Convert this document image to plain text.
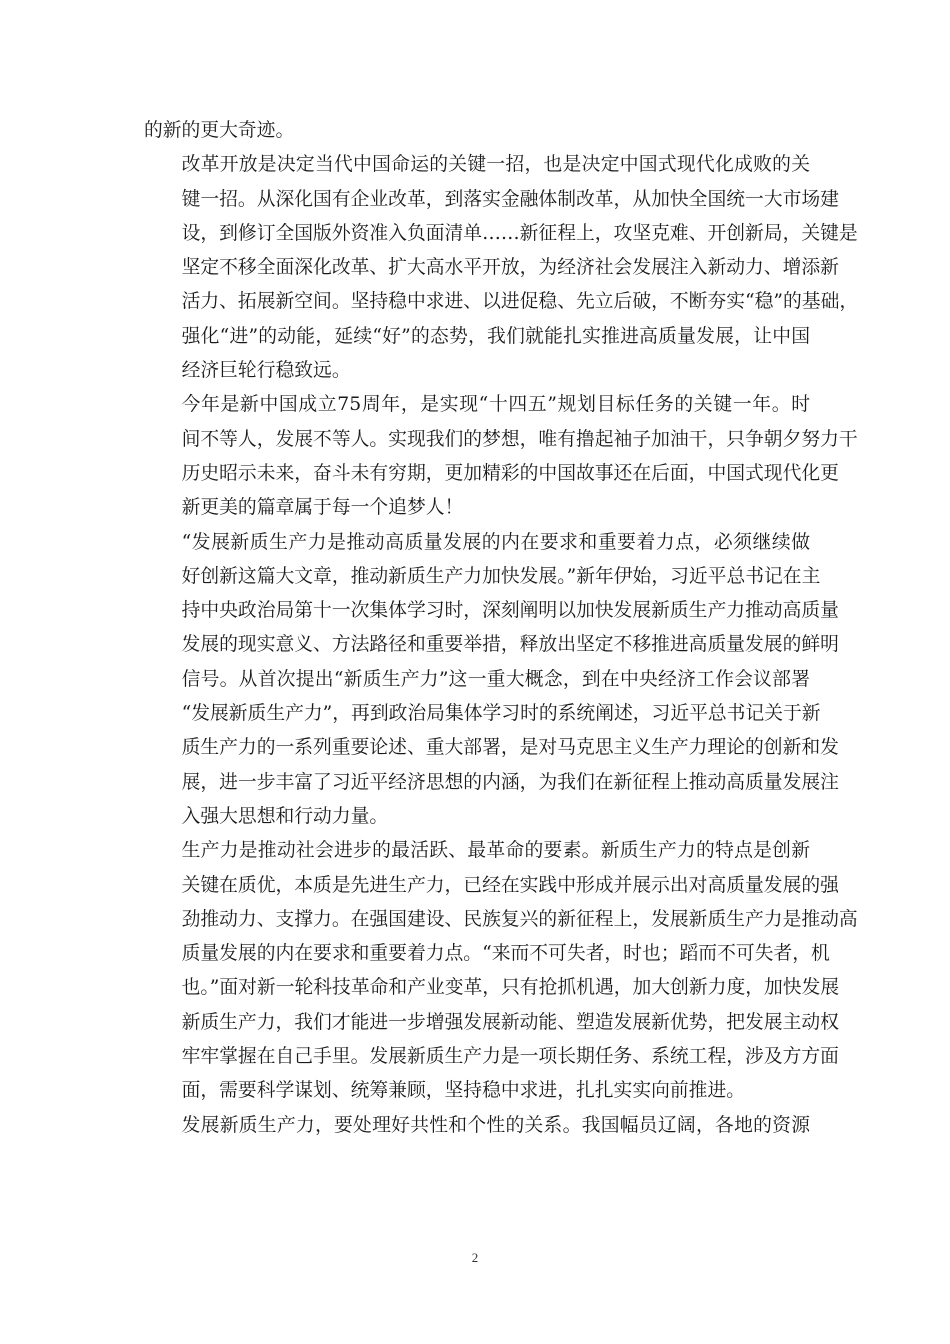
的新的更大奇迹。

改革开放是决定当代中国命运的关键一招，也是决定中国式现代化成败的关
键一招。从深化国有企业改革，到落实金融体制改革，从加快全国统一大市场建
设，到修订全国版外资准入负面清单……新征程上，攻坚克难、开创新局，关键是
坚定不移全面深化改革、扩大高水平开放，为经济社会发展注入新动力、增添新
活力、拓展新空间。坚持稳中求进、以进促稳、先立后破，不断夯实“稳”的基础，
强化“进”的动能，延续“好”的态势，我们就能扎实推进高质量发展，让中国
经济巨轮行稳致远。

今年是新中国成立75周年，是实现“十四五”规划目标任务的关键一年。时
间不等人，发展不等人。实现我们的梦想，唯有撸起袖子加油干，只争朝夕努力干
历史昭示未来，奋斗未有穷期，更加精彩的中国故事还在后面，中国式现代化更
新更美的篇章属于每一个追梦人！

“发展新质生产力是推动高质量发展的内在要求和重要着力点，必须继续做
好创新这篇大文章，推动新质生产力加快发展。”新年伊始，习近平总书记在主
持中央政治局第十一次集体学习时，深刻阐明以加快发展新质生产力推动高质量
发展的现实意义、方法路径和重要举措，释放出坚定不移推进高质量发展的鲜明
信号。从首次提出“新质生产力”这一重大概念，到在中央经济工作会议部署
“发展新质生产力”，再到政治局集体学习时的系统阐述，习近平总书记关于新
质生产力的一系列重要论述、重大部署，是对马克思主义生产力理论的创新和发
展，进一步丰富了习近平经济思想的内涵，为我们在新征程上推动高质量发展注
入强大思想和行动力量。

生产力是推动社会进步的最活跃、最革命的要素。新质生产力的特点是创新
关键在质优，本质是先进生产力，已经在实践中形成并展示出对高质量发展的强
劲推动力、支撑力。在强国建设、民族复兴的新征程上，发展新质生产力是推动高
质量发展的内在要求和重要着力点。“来而不可失者，时也；蹈而不可失者，机
也。”面对新一轮科技革命和产业变革，只有抢抓机遇，加大创新力度，加快发展
新质生产力，我们才能进一步增强发展新动能、塑造发展新优势，把发展主动权
牢牢掌握在自己手里。发展新质生产力是一项长期任务、系统工程，涉及方方面
面，需要科学谋划、统筹兼顾，坚持稳中求进，扎扎实实向前推进。

发展新质生产力，要处理好共性和个性的关系。我国幅员辽阔，各地的资源

2
